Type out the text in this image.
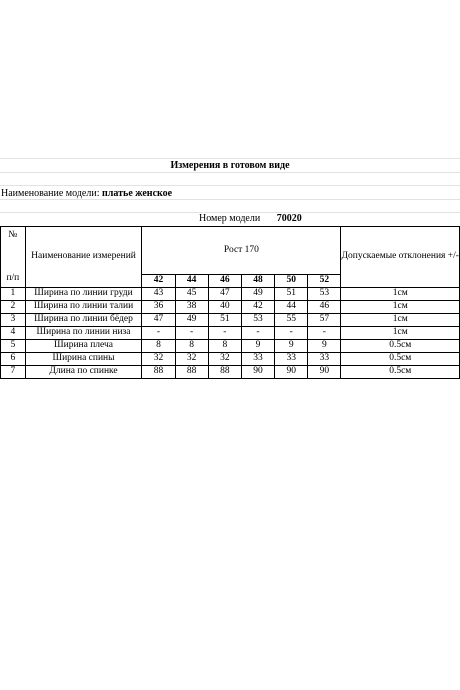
Измерения в готовом виде
Наименование модели: платье женское
Номер модели 70020
№
п/п	Наименование измерений	Рост 170						Допускаемые отклонения +/-
		42	44	46	48	50	52	
1	Ширина по линии груди	43	45	47	49	51	53	1см
2	Ширина по линии талии	36	38	40	42	44	46	1см
3	Ширина по линии бёдер	47	49	51	53	55	57	1см
4	Ширина по линии низа	-	-	-	-	-	-	1см
5	Ширина плеча	8	8	8	9	9	9	0.5см
6	Ширина спины	32	32	32	33	33	33	0.5см
7	Длина по спинке	88	88	88	90	90	90	0.5см
